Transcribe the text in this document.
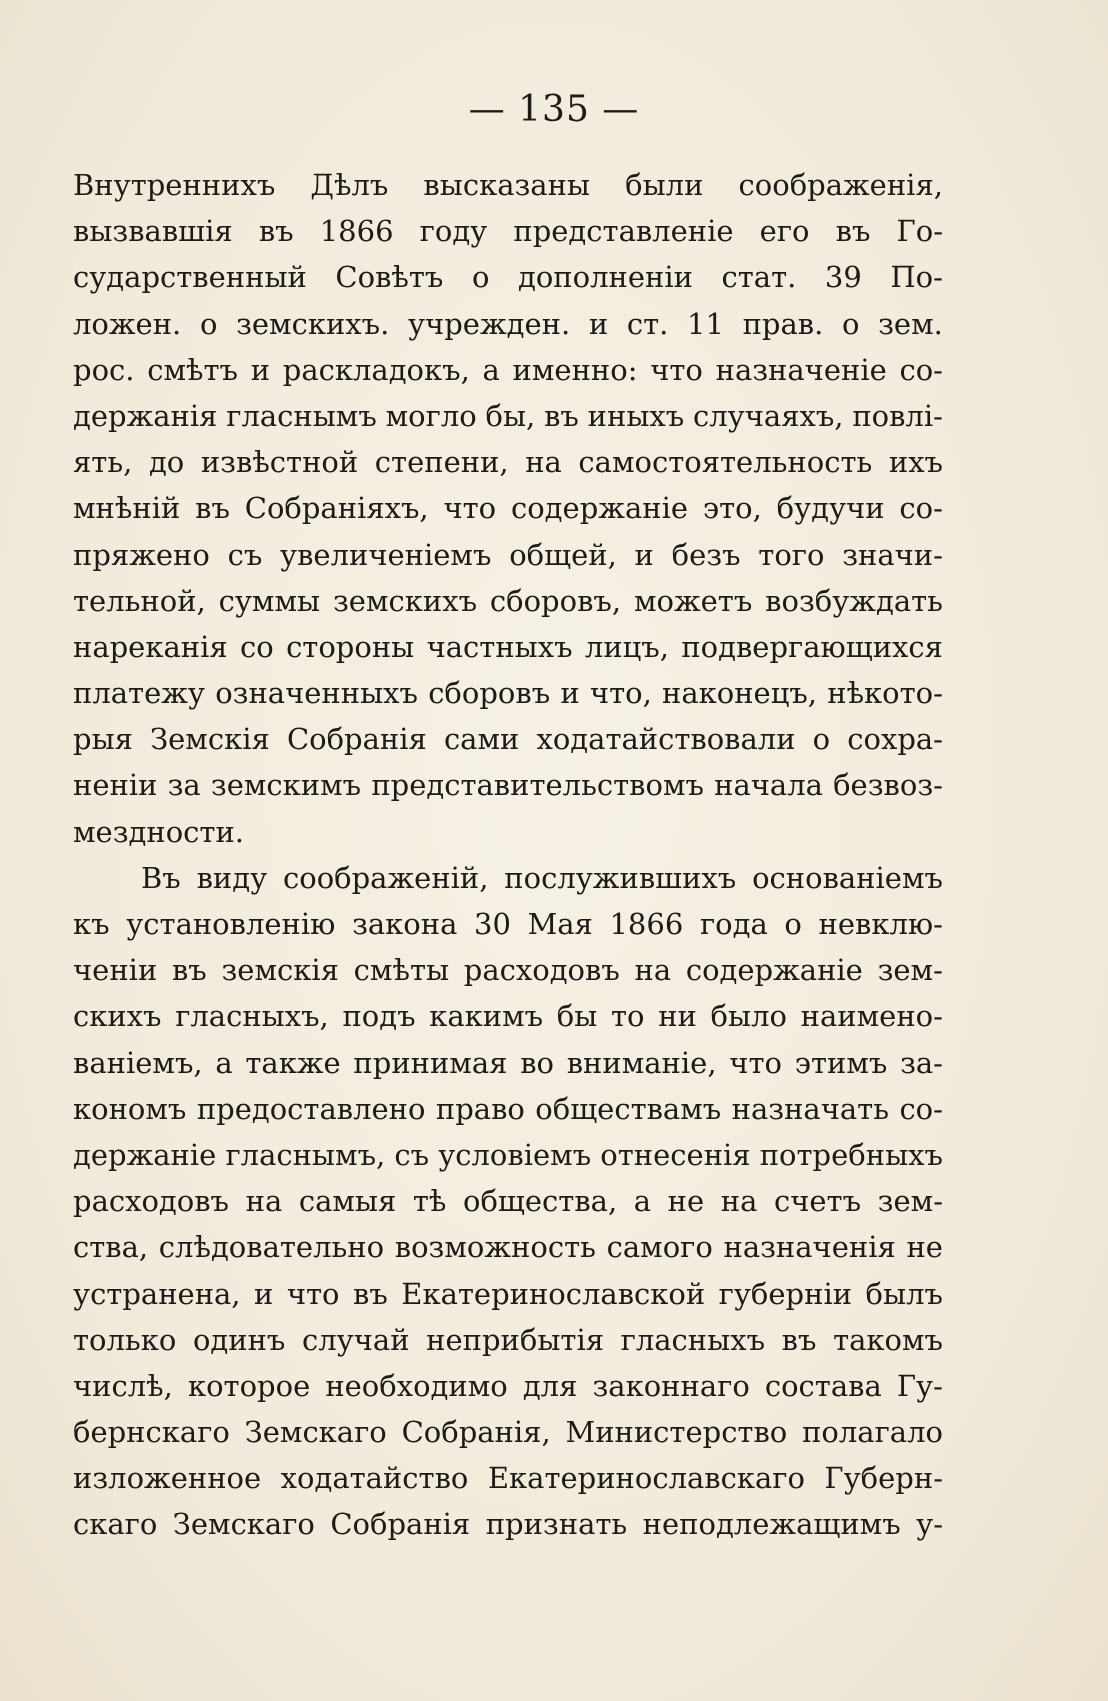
— 135 —
Внутреннихъ Дѣлъ высказаны были соображенія,
вызвавшія въ 1866 году представленіе его въ Го-
сударственный Совѣтъ о дополненіи стат. 39 По-
ложен. о земскихъ. учрежден. и ст. 11 прав. о зем.
рос. смѣтъ и раскладокъ, а именно: что назначеніе со-
держанія гласнымъ могло бы, въ иныхъ случаяхъ, повлі-
ять, до извѣстной степени, на самостоятельность ихъ
мнѣній въ Собраніяхъ, что содержаніе это, будучи со-
пряжено съ увеличеніемъ общей, и безъ того значи-
тельной, суммы земскихъ сборовъ, можетъ возбуждать
нареканія со стороны частныхъ лицъ, подвергающихся
платежу означенныхъ сборовъ и что, наконецъ, нѣкото-
рыя Земскія Собранія сами ходатайствовали о сохра-
неніи за земскимъ представительствомъ начала безвоз-
мездности.
Въ виду соображеній, послужившихъ основаніемъ
къ установленію закона 30 Мая 1866 года о невклю-
ченіи въ земскія смѣты расходовъ на содержаніе зем-
скихъ гласныхъ, подъ какимъ бы то ни было наимено-
ваніемъ, а также принимая во вниманіе, что этимъ за-
кономъ предоставлено право обществамъ назначать со-
держаніе гласнымъ, съ условіемъ отнесенія потребныхъ
расходовъ на самыя тѣ общества, а не на счетъ зем-
ства, слѣдовательно возможность самого назначенія не
устранена, и что въ Екатеринославской губерніи былъ
только одинъ случай неприбытія гласныхъ въ такомъ
числѣ, которое необходимо для законнаго состава Гу-
бернскаго Земскаго Собранія, Министерство полагало
изложенное ходатайство Екатеринославскаго Губерн-
скаго Земскаго Собранія признать неподлежащимъ у-
